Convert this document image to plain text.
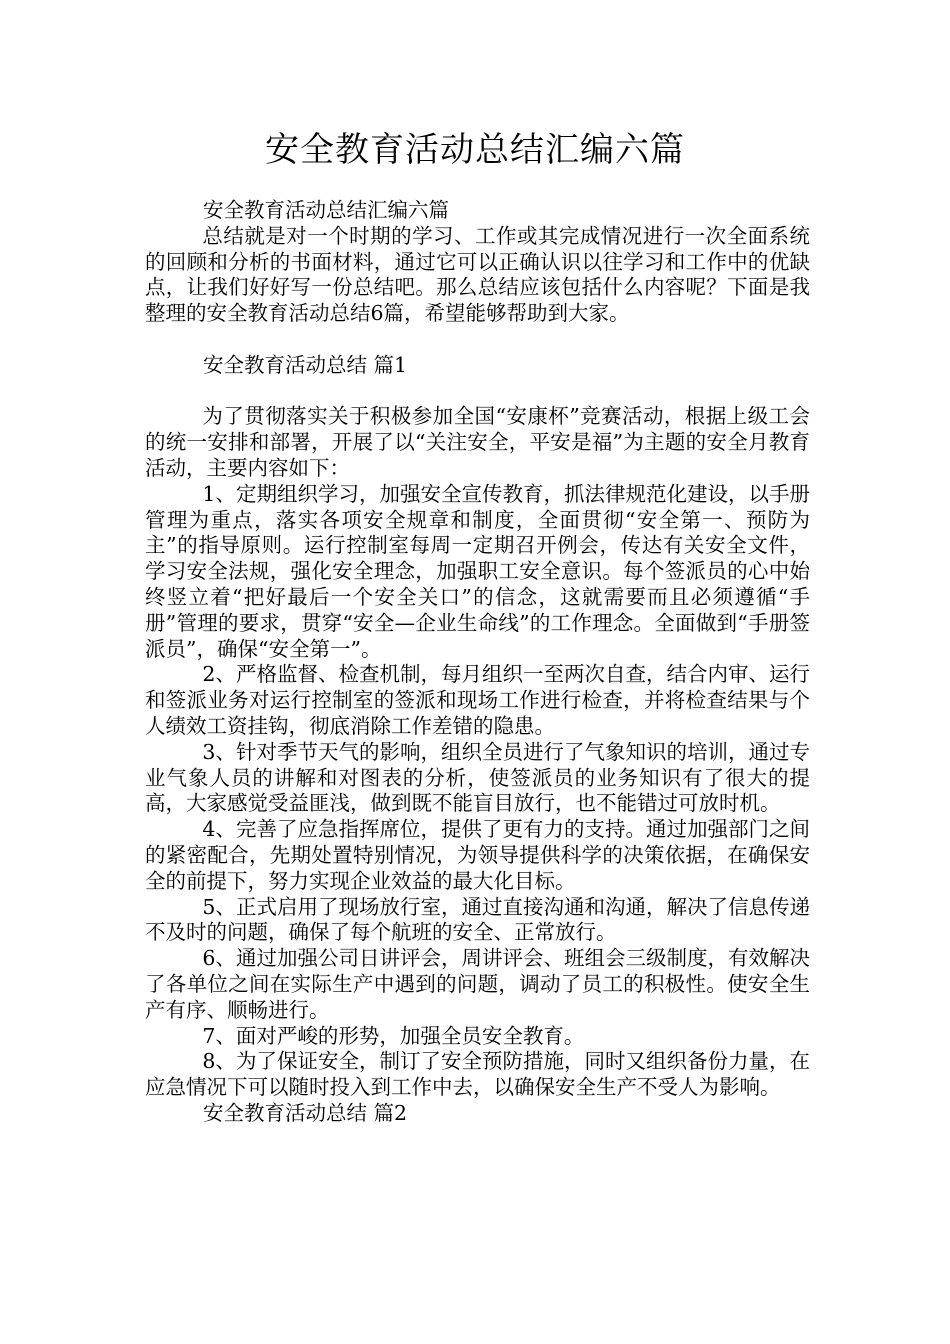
安全教育活动总结汇编六篇

安全教育活动总结汇编六篇

总结就是对一个时期的学习、工作或其完成情况进行一次全面系统的回顾和分析的书面材料，通过它可以正确认识以往学习和工作中的优缺点，让我们好好写一份总结吧。那么总结应该包括什么内容呢？下面是我整理的安全教育活动总结6篇，希望能够帮助到大家。

安全教育活动总结 篇1

为了贯彻落实关于积极参加全国“安康杯”竞赛活动，根据上级工会的统一安排和部署，开展了以“关注安全，平安是福”为主题的安全月教育活动，主要内容如下：

1、定期组织学习，加强安全宣传教育，抓法律规范化建设，以手册管理为重点，落实各项安全规章和制度，全面贯彻“安全第一、预防为主”的指导原则。运行控制室每周一定期召开例会，传达有关安全文件，学习安全法规，强化安全理念，加强职工安全意识。每个签派员的心中始终竖立着“把好最后一个安全关口”的信念，这就需要而且必须遵循“手册”管理的要求，贯穿“安全—企业生命线”的工作理念。全面做到“手册签派员”，确保“安全第一”。

2、严格监督、检查机制，每月组织一至两次自查，结合内审、运行和签派业务对运行控制室的签派和现场工作进行检查，并将检查结果与个人绩效工资挂钩，彻底消除工作差错的隐患。

3、针对季节天气的影响，组织全员进行了气象知识的培训，通过专业气象人员的讲解和对图表的分析，使签派员的业务知识有了很大的提高，大家感觉受益匪浅，做到既不能盲目放行，也不能错过可放时机。

4、完善了应急指挥席位，提供了更有力的支持。通过加强部门之间的紧密配合，先期处置特别情况，为领导提供科学的决策依据，在确保安全的前提下，努力实现企业效益的最大化目标。

5、正式启用了现场放行室，通过直接沟通和沟通，解决了信息传递不及时的问题，确保了每个航班的安全、正常放行。

6、通过加强公司日讲评会，周讲评会、班组会三级制度，有效解决了各单位之间在实际生产中遇到的问题，调动了员工的积极性。使安全生产有序、顺畅进行。

7、面对严峻的形势，加强全员安全教育。

8、为了保证安全，制订了安全预防措施，同时又组织备份力量，在应急情况下可以随时投入到工作中去，以确保安全生产不受人为影响。

安全教育活动总结 篇2
